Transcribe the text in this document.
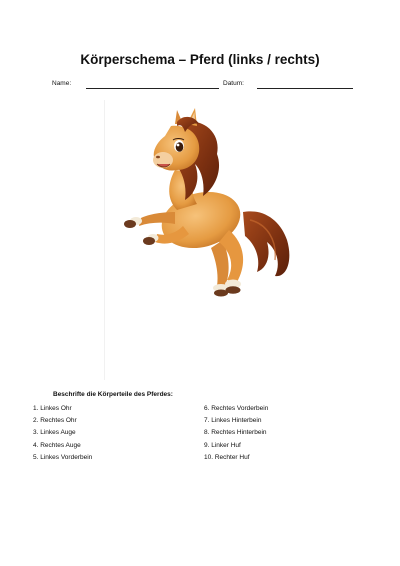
Körperschema – Pferd (links / rechts)
Name:	Datum:
Beschrifte die Körperteile des Pferdes:
1. Linkes Ohr
2. Rechtes Ohr
3. Linkes Auge
4. Rechtes Auge
5. Linkes Vorderbein
6. Rechtes Vorderbein
7. Linkes Hinterbein
8. Rechtes Hinterbein
9. Linker Huf
10. Rechter Huf
